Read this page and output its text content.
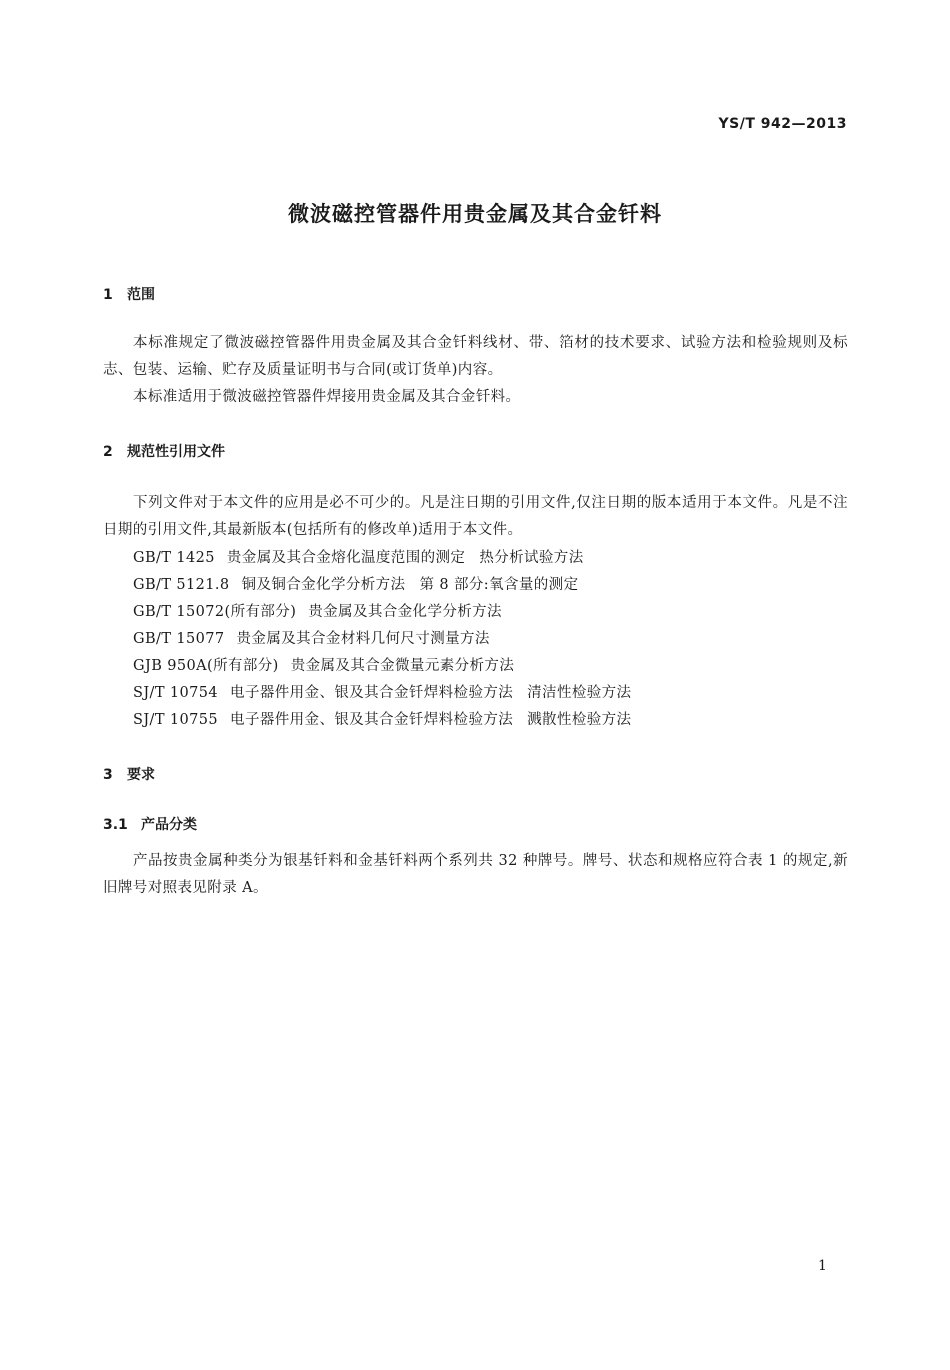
YS/T 942—2013
微波磁控管器件用贵金属及其合金钎料
1 范围
本标准规定了微波磁控管器件用贵金属及其合金钎料线材、带、箔材的技术要求、试验方法和检验规则及标志、包装、运输、贮存及质量证明书与合同(或订货单)内容。
本标准适用于微波磁控管器件焊接用贵金属及其合金钎料。
2 规范性引用文件
下列文件对于本文件的应用是必不可少的。凡是注日期的引用文件,仅注日期的版本适用于本文件。凡是不注日期的引用文件,其最新版本(包括所有的修改单)适用于本文件。
GB/T 1425 贵金属及其合金熔化温度范围的测定 热分析试验方法
GB/T 5121.8 铜及铜合金化学分析方法 第 8 部分:氧含量的测定
GB/T 15072(所有部分) 贵金属及其合金化学分析方法
GB/T 15077 贵金属及其合金材料几何尺寸测量方法
GJB 950A(所有部分) 贵金属及其合金微量元素分析方法
SJ/T 10754 电子器件用金、银及其合金钎焊料检验方法 清洁性检验方法
SJ/T 10755 电子器件用金、银及其合金钎焊料检验方法 溅散性检验方法
3 要求
3.1 产品分类
产品按贵金属种类分为银基钎料和金基钎料两个系列共 32 种牌号。牌号、状态和规格应符合表 1 的规定,新旧牌号对照表见附录 A。
1
